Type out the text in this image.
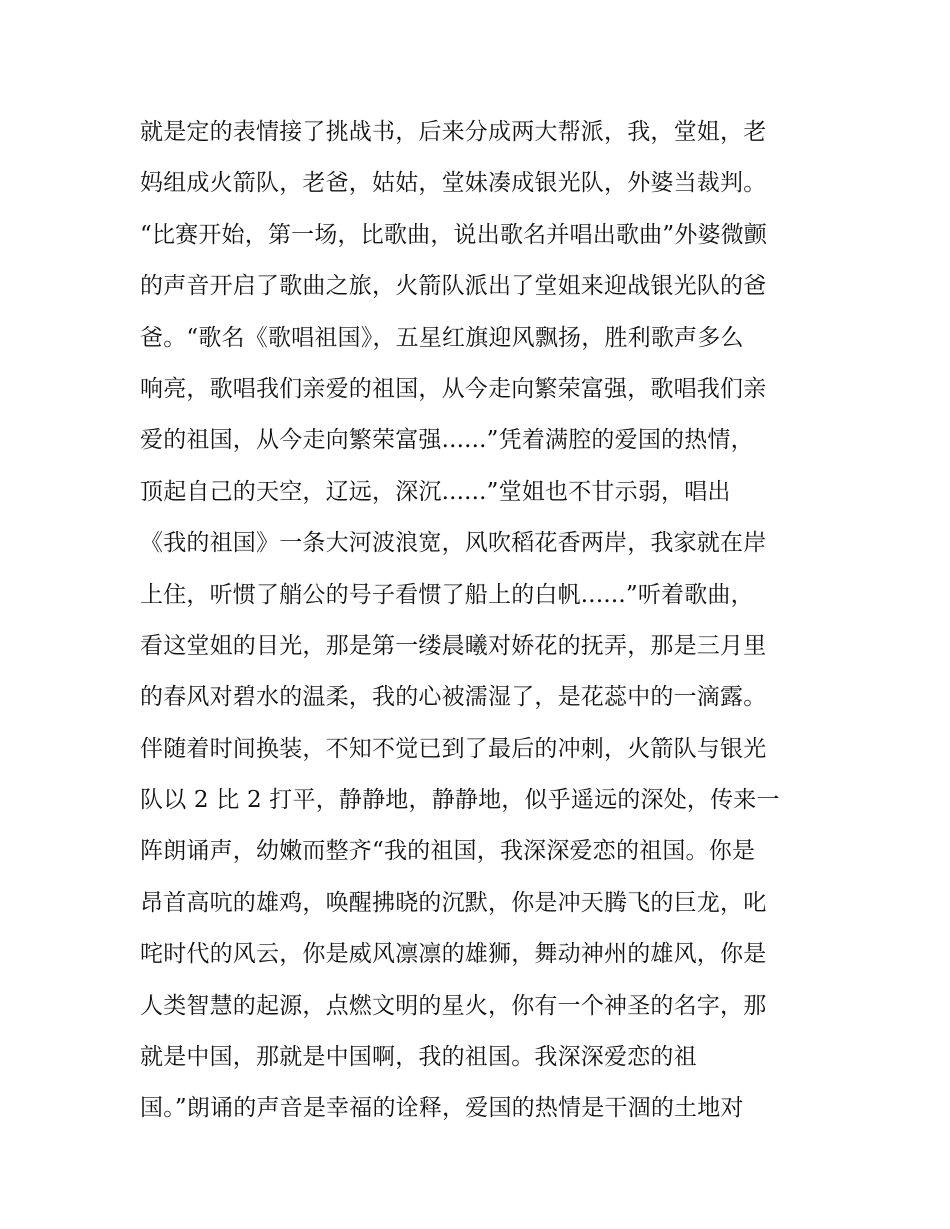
就是定的表情接了挑战书，后来分成两大帮派，我，堂姐，老
妈组成火箭队，老爸，姑姑，堂妹凑成银光队，外婆当裁判。
“比赛开始，第一场，比歌曲，说出歌名并唱出歌曲”外婆微颤
的声音开启了歌曲之旅，火箭队派出了堂姐来迎战银光队的爸
爸。“歌名《歌唱祖国》，五星红旗迎风飘扬，胜利歌声多么
响亮，歌唱我们亲爱的祖国，从今走向繁荣富强，歌唱我们亲
爱的祖国，从今走向繁荣富强......”凭着满腔的爱国的热情，
顶起自己的天空，辽远，深沉......”堂姐也不甘示弱，唱出
《我的祖国》一条大河波浪宽，风吹稻花香两岸，我家就在岸
上住，听惯了艄公的号子看惯了船上的白帆......”听着歌曲，
看这堂姐的目光，那是第一缕晨曦对娇花的抚弄，那是三月里
的春风对碧水的温柔，我的心被濡湿了，是花蕊中的一滴露。
伴随着时间换装，不知不觉已到了最后的冲刺，火箭队与银光
队以 2 比 2 打平，静静地，静静地，似乎遥远的深处，传来一
阵朗诵声，幼嫩而整齐“我的祖国，我深深爱恋的祖国。你是
昂首高吭的雄鸡，唤醒拂晓的沉默，你是冲天腾飞的巨龙，叱
咤时代的风云，你是威风凛凛的雄狮，舞动神州的雄风，你是
人类智慧的起源，点燃文明的星火，你有一个神圣的名字，那
就是中国，那就是中国啊，我的祖国。我深深爱恋的祖
国。”朗诵的声音是幸福的诠释，爱国的热情是干涸的土地对
